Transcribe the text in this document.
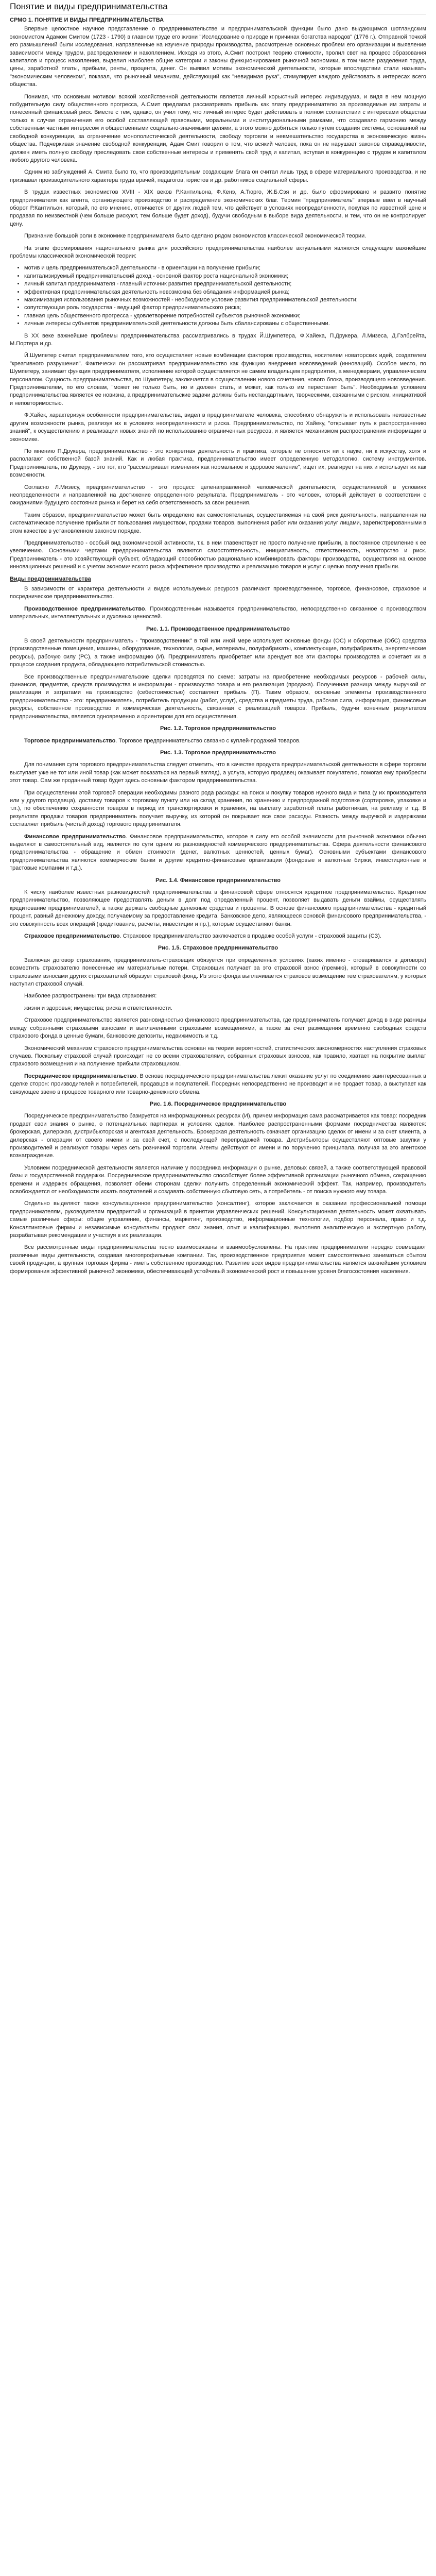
Понятие и виды предпринимательства
СРМО 1. ПОНЯТИЕ И ВИДЫ ПРЕДПРИНИМАТЕЛЬСТВА

Впервые целостное научное представление о предпринимательстве и предпринимательской функции было дано выдающимся шотландским экономистом Адамом Смитом (1723 - 1790) в главном труде его жизни "Исследование о природе и причинах богатства народов" (1776 г.). Отправной точкой его размышлений были исследования, направленные на изучение природы производства, рассмотрение основных проблем его организации и выявление зависимости между трудом, распределением и накоплением. Исходя из этого, А.Смит построил теорию стоимости, пролил свет на процесс образования капиталов и процесс накопления, выделил наиболее общие категории и законы функционирования рыночной экономики, в том числе разделения труда, цены, заработной платы, прибыли, ренты, процента, денег. Он выявил мотивы экономической деятельности, которые впоследствии стали называть "экономическим человеком", показал, что рыночный механизм, действующий как "невидимая рука", стимулирует каждого действовать в интересах всего общества.

Понимая, что основным мотивом всякой хозяйственной деятельности является личный корыстный интерес индивидуума, и видя в нем мощную побудительную силу общественного прогресса, А.Смит предлагал рассматривать прибыль как плату предпринимателю за производимые им затраты и понесенный финансовый риск. Вместе с тем, однако, он учил тому, что личный интерес будет действовать в полном соответствии с интересами общества только в случае ограничения его особой составляющей правовыми, моральными и институциональными рамками, что создавало гармонию между собственным частным интересом и общественными социально-значимыми целями, а этого можно добиться только путем создания системы, основанной на свободной конкуренции, за ограничение монополистической деятельности, свободу торговли и невмешательство государства в экономическую жизнь общества. Подчеркивая значение свободной конкуренции, Адам Смит говорил о том, что всякий человек, пока он не нарушает законов справедливости, должен иметь полную свободу преследовать свои собственные интересы и применять свой труд и капитал, вступая в конкуренцию с трудом и капиталом любого другого человека.

Одним из заблуждений А. Смита было то, что производительным создающим блага он считал лишь труд в сфере материального производства, и не признавал производительного характера труда врачей, педагогов, юристов и др. работников социальной сферы.

В трудах известных экономистов XVIII - XIX веков Р.Кантильона, Ф.Кенэ, А.Тюрго, Ж.Б.Сэя и др. было сформировано и развито понятие предпринимателя как агента, организующего производство и распределение экономических благ. Термин "предприниматель" впервые ввел в научный оборот Р.Кантильон, который, по его мнению, отличается от других людей тем, что действует в условиях неопределенности, покупая по известной цене и продавая по неизвестной (чем больше рискуют, тем больше будет доход), будучи свободным в выборе вида деятельности, и тем, что он не контролирует цену.

Признание большой роли в экономике предпринимателя было сделано рядом экономистов классической экономической теории.

На этапе формирования национального рынка для российского предпринимательства наиболее актуальными являются следующие важнейшие проблемы классической экономической теории:

• мотив и цель предпринимательской деятельности - в ориентации на получение прибыли;
• капитализируемый предпринимательский доход - основной фактор роста национальной экономики;
• личный капитал предпринимателя - главный источник развития предпринимательской деятельности;
• эффективная предпринимательская деятельность невозможна без обладания информацией рынка;
• максимизация использования рыночных возможностей - необходимое условие развития предпринимательской деятельности;
• сопутствующая роль государства - ведущий фактор предпринимательского риска;
• главная цель общественного прогресса - удовлетворение потребностей субъектов рыночной экономики;
• личные интересы субъектов предпринимательской деятельности должны быть сбалансированы с общественными.

В XX веке важнейшие проблемы предпринимательства рассматривались в трудах Й.Шумпетера, Ф.Хайека, П.Друкера, Л.Мизеса, Д.Гэлбрейта, М.Портера и др.

Й.Шумпетер считал предпринимателем того, кто осуществляет новые комбинации факторов производства, носителем новаторских идей, создателем "креативного разрушения". Фактически он рассматривал предпринимательство как функцию внедрения нововведений (инноваций). Особое место, по Шумпетеру, занимает функция предпринимателя, исполнение которой осуществляется не самим владельцем предприятия, а менеджерами, управленческим персоналом. Сущность предпринимательства, по Шумпетеру, заключается в осуществлении нового сочетания, нового блока, производящего нововведения. Предпринимателем, по его словам, "может не только быть, но и должен стать, и может, как только им перестанет быть". Необходимым условием предпринимательства является ее новизна, а предпринимательские задачи должны быть нестандартными, творческими, связанными с риском, инициативой и неповторимостью.

Ф.Хайек, характеризуя особенности предпринимательства, видел в предпринимателе человека, способного обнаружить и использовать неизвестные другим возможности рынка, реализуя их в условиях неопределенности и риска. Предпринимательство, по Хайеку, "открывает путь к распространению знаний", к осуществлению и реализации новых знаний по использованию ограниченных ресурсов, и является механизмом распространения информации в экономике.

По мнению П.Друкера, предпринимательство - это конкретная деятельность и практика, которые не относятся ни к науке, ни к искусству, хотя и располагают собственной базой знаний. Как и любая практика, предпринимательство имеет определенную методологию, систему инструментов. Предприниматель, по Друкеру, - это тот, кто "рассматривает изменения как нормальное и здоровое явление", ищет их, реагирует на них и использует их как возможности.

Согласно Л.Мизесу, предпринимательство - это процесс целенаправленной человеческой деятельности, осуществляемой в условиях неопределенности и направленной на достижение определенного результата. Предприниматель - это человек, который действует в соответствии с ожиданиями будущего состояния рынка и берет на себя ответственность за свои решения.

Таким образом, предпринимательство может быть определено как самостоятельная, осуществляемая на свой риск деятельность, направленная на систематическое получение прибыли от пользования имуществом, продажи товаров, выполнения работ или оказания услуг лицами, зарегистрированными в этом качестве в установленном законом порядке.

Предпринимательство - особый вид экономической активности, т.к. в нем главенствует не просто получение прибыли, а постоянное стремление к ее увеличению. Основными чертами предпринимательства являются самостоятельность, инициативность, ответственность, новаторство и риск. Предприниматель - это хозяйствующий субъект, обладающий способностью рационально комбинировать факторы производства, осуществляя на основе инновационных решений и с учетом экономического риска эффективное производство и реализацию товаров и услуг с целью получения прибыли.

Виды предпринимательства

В зависимости от характера деятельности и видов используемых ресурсов различают производственное, торговое, финансовое, страховое и посредническое предпринимательство.

Производственное предпринимательство. Производственным называется предпринимательство, непосредственно связанное с производством материальных, интеллектуальных и духовных ценностей.

Рис. 1.1. Производственное предпринимательство

В своей деятельности предприниматель - "производственник" в той или иной мере использует основные фонды (ОС) и оборотные (ОбС) средства (производственные помещения, машины, оборудование, технологии, сырье, материалы, полуфабрикаты, комплектующие, полуфабрикаты, энергетические ресурсы), рабочую силу (РС), а также информацию (И). Предприниматель приобретает или арендует все эти факторы производства и сочетает их в процессе создания продукта, обладающего потребительской стоимостью.

Все производственные предпринимательские сделки проводятся по схеме: затраты на приобретение необходимых ресурсов - рабочей силы, финансов, предметов, средств производства и информации - производство товара и его реализация (продажа). Полученная разница между выручкой от реализации и затратами на производство (себестоимостью) составляет прибыль (П). Таким образом, основные элементы производственного предпринимательства - это: предприниматель, потребитель продукции (работ, услуг), средства и предметы труда, рабочая сила, информация, финансовые ресурсы, собственное производство и коммерческая деятельность, связанная с реализацией товаров. Прибыль, будучи конечным результатом предпринимательства, является одновременно и ориентиром для его осуществления.

Рис. 1.2. Торговое предпринимательство

Торговое предпринимательство. Торговое предпринимательство связано с куплей-продажей товаров.

Рис. 1.3. Торговое предпринимательство

Для понимания сути торгового предпринимательства следует отметить, что в качестве продукта предпринимательской деятельности в сфере торговли выступает уже не тот или иной товар (как может показаться на первый взгляд), а услуга, которую продавец оказывает покупателю, помогая ему приобрести этот товар. Сам же проданный товар будет здесь основным фактором предпринимательства.

При осуществлении этой торговой операции необходимы разного рода расходы: на поиск и покупку товаров нужного вида и типа (у их производителя или у другого продавца), доставку товаров к торговому пункту или на склад хранения, по хранению и предпродажной подготовке (сортировке, упаковке и т.п.), по обеспечению сохранности товаров в период их транспортировки и хранения, на выплату заработной платы работникам, на рекламу и т.д. В результате продажи товаров предприниматель получает выручку, из которой он покрывает все свои расходы. Разность между выручкой и издержками составляет прибыль (чистый доход) торгового предпринимателя.

Финансовое предпринимательство. Финансовое предпринимательство, которое в силу его особой значимости для рыночной экономики обычно выделяют в самостоятельный вид, является по сути одним из разновидностей коммерческого предпринимательства. Сфера деятельности финансового предпринимательства - обращение и обмен стоимости (денег, валютных ценностей, ценных бумаг). Основными субъектами финансового предпринимательства являются коммерческие банки и другие кредитно-финансовые организации (фондовые и валютные биржи, инвестиционные и трастовые компании и т.д.).

Рис. 1.4. Финансовое предпринимательство

К числу наиболее известных разновидностей предпринимательства в финансовой сфере относятся кредитное предпринимательство. Кредитное предпринимательство, позволяющее предоставлять деньги в долг под определенный процент, позволяет выдавать деньги взаймы, осуществлять кредитование предпринимателей, а также держать свободные денежные средства и проценты. В основе финансового предпринимательства - кредитный процент, равный денежному доходу, получаемому за предоставление кредита. Банковское дело, являющееся основой финансового предпринимательства, - это совокупность всех операций (кредитование, расчеты, инвестиции и пр.), которые осуществляют банки.

Страховое предпринимательство. Страховое предпринимательство заключается в продаже особой услуги - страховой защиты (СЗ).

Рис. 1.5. Страховое предпринимательство

Заключая договор страхования, предприниматель-страховщик обязуется при определенных условиях (каких именно - оговаривается в договоре) возместить страхователю понесенные им материальные потери. Страховщик получает за это страховой взнос (премию), который в совокупности со страховыми взносами других страхователей образует страховой фонд. Из этого фонда выплачивается страховое возмещение тем страхователям, у которых наступил страховой случай.

Наиболее распространены три вида страхования:

жизни и здоровья; имущества; риска и ответственности.

Страховое предпринимательство является разновидностью финансового предпринимательства, где предприниматель получает доход в виде разницы между собранными страховыми взносами и выплаченными страховыми возмещениями, а также за счет размещения временно свободных средств страхового фонда в ценные бумаги, банковские депозиты, недвижимость и т.д.

Экономический механизм страхового предпринимательства основан на теории вероятностей, статистических закономерностях наступления страховых случаев. Поскольку страховой случай происходит не со всеми страхователями, собранных страховых взносов, как правило, хватает на покрытие выплат страхового возмещения и на получение прибыли страховщиком.

Посредническое предпринимательство. В основе посреднического предпринимательства лежит оказание услуг по соединению заинтересованных в сделке сторон: производителей и потребителей, продавцов и покупателей. Посредник непосредственно не производит и не продает товар, а выступает как связующее звено в процессе товарного или товарно-денежного обмена.

Рис. 1.6. Посредническое предпринимательство

Посредническое предпринимательство базируется на информационных ресурсах (И), причем информация сама рассматривается как товар: посредник продает свои знания о рынке, о потенциальных партнерах и условиях сделок. Наиболее распространенными формами посредничества являются: брокерская, дилерская, дистрибьюторская и агентская деятельность. Брокерская деятельность означает организацию сделок от имени и за счет клиента, а дилерская - операции от своего имени и за свой счет, с последующей перепродажей товара. Дистрибьюторы осуществляют оптовые закупки у производителей и реализуют товары через сеть розничной торговли. Агенты действуют от имени и по поручению принципала, получая за это агентское вознаграждение.

Условием посреднической деятельности является наличие у посредника информации о рынке, деловых связей, а также соответствующей правовой базы и государственной поддержки. Посредническое предпринимательство способствует более эффективной организации рыночного обмена, сокращению времени и издержек обращения, позволяет обеим сторонам сделки получить определенный экономический эффект. Так, например, производитель освобождается от необходимости искать покупателей и создавать собственную сбытовую сеть, а потребитель - от поиска нужного ему товара.

Отдельно выделяют также консультационное предпринимательство (консалтинг), которое заключается в оказании профессиональной помощи предпринимателям, руководителям предприятий и организаций в принятии управленческих решений. Консультационная деятельность может охватывать самые различные сферы: общее управление, финансы, маркетинг, производство, информационные технологии, подбор персонала, право и т.д. Консалтинговые фирмы и независимые консультанты продают свои знания, опыт и квалификацию, выполняя аналитическую и экспертную работу, разрабатывая рекомендации и участвуя в их реализации.

Все рассмотренные виды предпринимательства тесно взаимосвязаны и взаимообусловлены. На практике предприниматели нередко совмещают различные виды деятельности, создавая многопрофильные компании. Так, производственное предприятие может самостоятельно заниматься сбытом своей продукции, а крупная торговая фирма - иметь собственное производство. Развитие всех видов предпринимательства является важнейшим условием формирования эффективной рыночной экономики, обеспечивающей устойчивый экономический рост и повышение уровня благосостояния населения.
